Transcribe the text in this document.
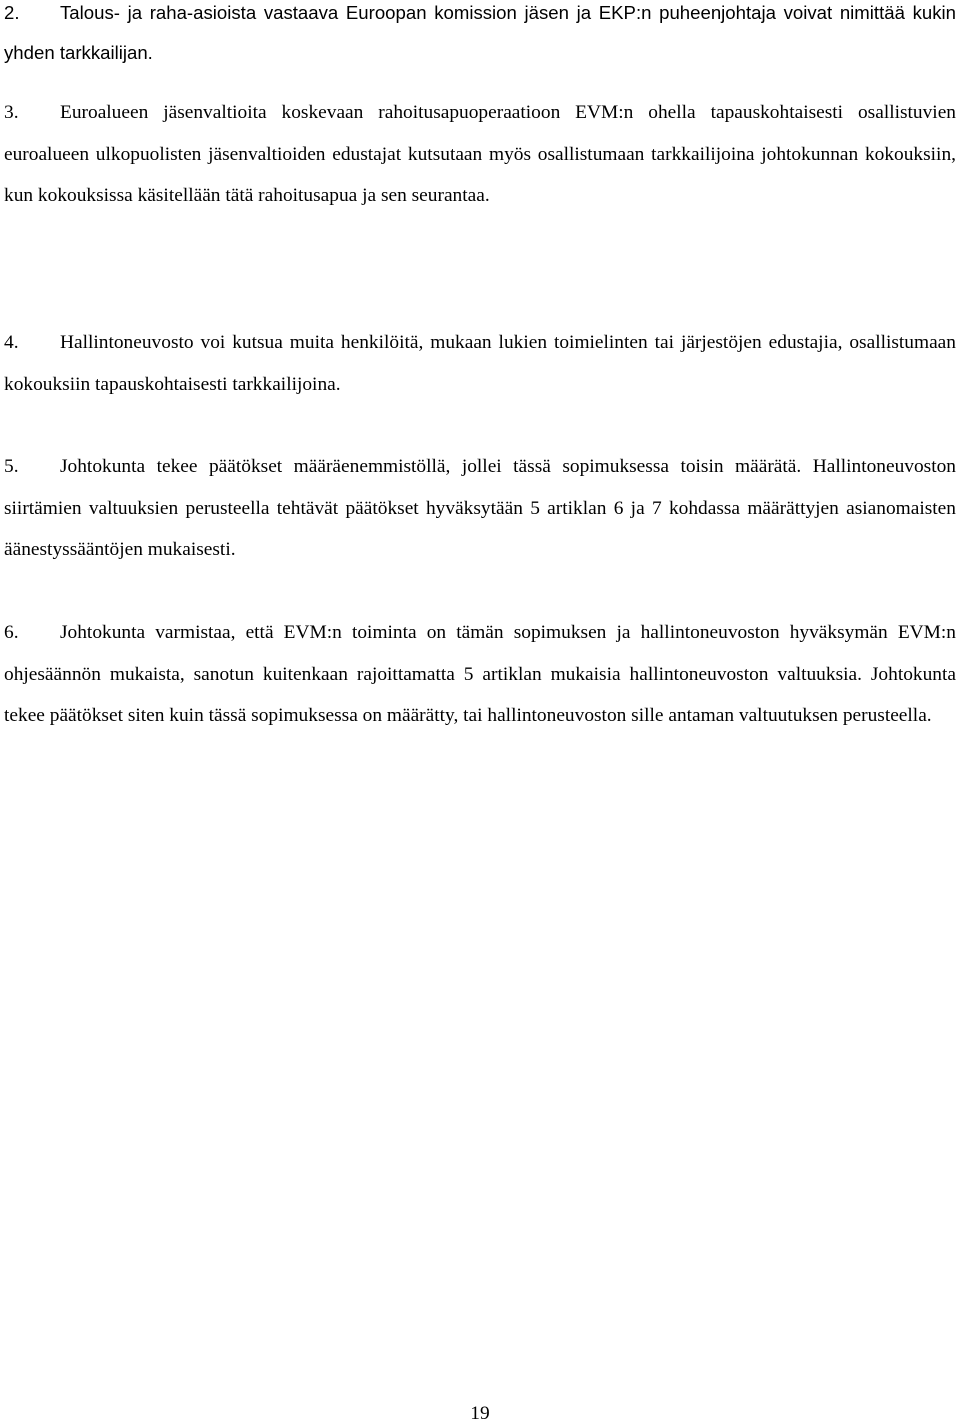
2. Talous- ja raha-asioista vastaava Euroopan komission jäsen ja EKP:n puheenjohtaja voivat nimittää kukin yhden tarkkailijan.

3. Euroalueen jäsenvaltioita koskevaan rahoitusapuoperaatioon EVM:n ohella tapauskohtaisesti osallistuvien euroalueen ulkopuolisten jäsenvaltioiden edustajat kutsutaan myös osallistumaan tarkkailijoina johtokunnan kokouksiin, kun kokouksissa käsitellään tätä rahoitusapua ja sen seurantaa.

4. Hallintoneuvosto voi kutsua muita henkilöitä, mukaan lukien toimielinten tai järjestöjen edustajia, osallistumaan kokouksiin tapauskohtaisesti tarkkailijoina.

5. Johtokunta tekee päätökset määräenemmistöllä, jollei tässä sopimuksessa toisin määrätä. Hallintoneuvoston siirtämien valtuuksien perusteella tehtävät päätökset hyväksytään 5 artiklan 6 ja 7 kohdassa määrättyjen asianomaisten äänestyssääntöjen mukaisesti.

6. Johtokunta varmistaa, että EVM:n toiminta on tämän sopimuksen ja hallintoneuvoston hyväksymän EVM:n ohjesäännön mukaista, sanotun kuitenkaan rajoittamatta 5 artiklan mukaisia hallintoneuvoston valtuuksia. Johtokunta tekee päätökset siten kuin tässä sopimuksessa on määrätty, tai hallintoneuvoston sille antaman valtuutuksen perusteella.

19
